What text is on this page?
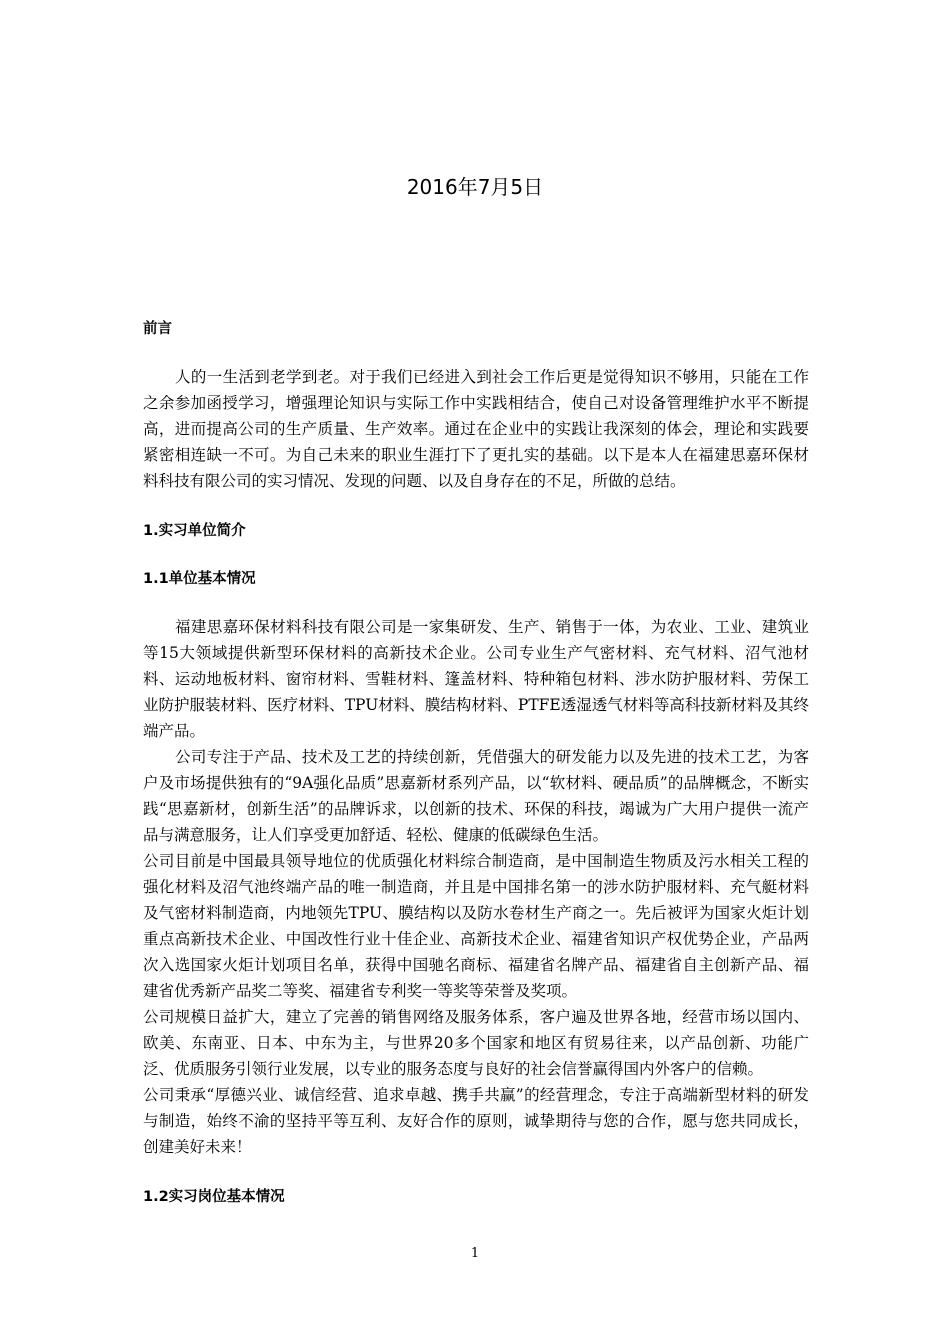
2016年7月5日

前言

人的一生活到老学到老。对于我们已经进入到社会工作后更是觉得知识不够用，只能在工作之余参加函授学习，增强理论知识与实际工作中实践相结合，使自己对设备管理维护水平不断提高，进而提高公司的生产质量、生产效率。通过在企业中的实践让我深刻的体会，理论和实践要紧密相连缺一不可。为自己未来的职业生涯打下了更扎实的基础。以下是本人在福建思嘉环保材料科技有限公司的实习情况、发现的问题、以及自身存在的不足，所做的总结。

1.实习单位简介

1.1单位基本情况

福建思嘉环保材料科技有限公司是一家集研发、生产、销售于一体，为农业、工业、建筑业等15大领域提供新型环保材料的高新技术企业。公司专业生产气密材料、充气材料、沼气池材料、运动地板材料、窗帘材料、雪鞋材料、篷盖材料、特种箱包材料、涉水防护服材料、劳保工业防护服装材料、医疗材料、TPU材料、膜结构材料、PTFE透湿透气材料等高科技新材料及其终端产品。

公司专注于产品、技术及工艺的持续创新，凭借强大的研发能力以及先进的技术工艺，为客户及市场提供独有的“9A强化品质”思嘉新材系列产品，以“软材料、硬品质”的品牌概念，不断实践“思嘉新材，创新生活”的品牌诉求，以创新的技术、环保的科技，竭诚为广大用户提供一流产品与满意服务，让人们享受更加舒适、轻松、健康的低碳绿色生活。

公司目前是中国最具领导地位的优质强化材料综合制造商，是中国制造生物质及污水相关工程的强化材料及沼气池终端产品的唯一制造商，并且是中国排名第一的涉水防护服材料、充气艇材料及气密材料制造商，内地领先TPU、膜结构以及防水卷材生产商之一。先后被评为国家火炬计划重点高新技术企业、中国改性行业十佳企业、高新技术企业、福建省知识产权优势企业，产品两次入选国家火炬计划项目名单，获得中国驰名商标、福建省名牌产品、福建省自主创新产品、福建省优秀新产品奖二等奖、福建省专利奖一等奖等荣誉及奖项。

公司规模日益扩大，建立了完善的销售网络及服务体系，客户遍及世界各地，经营市场以国内、欧美、东南亚、日本、中东为主，与世界20多个国家和地区有贸易往来，以产品创新、功能广泛、优质服务引领行业发展，以专业的服务态度与良好的社会信誉赢得国内外客户的信赖。

公司秉承“厚德兴业、诚信经营、追求卓越、携手共赢”的经营理念，专注于高端新型材料的研发与制造，始终不渝的坚持平等互利、友好合作的原则，诚挚期待与您的合作，愿与您共同成长，创建美好未来！

1.2实习岗位基本情况

1
